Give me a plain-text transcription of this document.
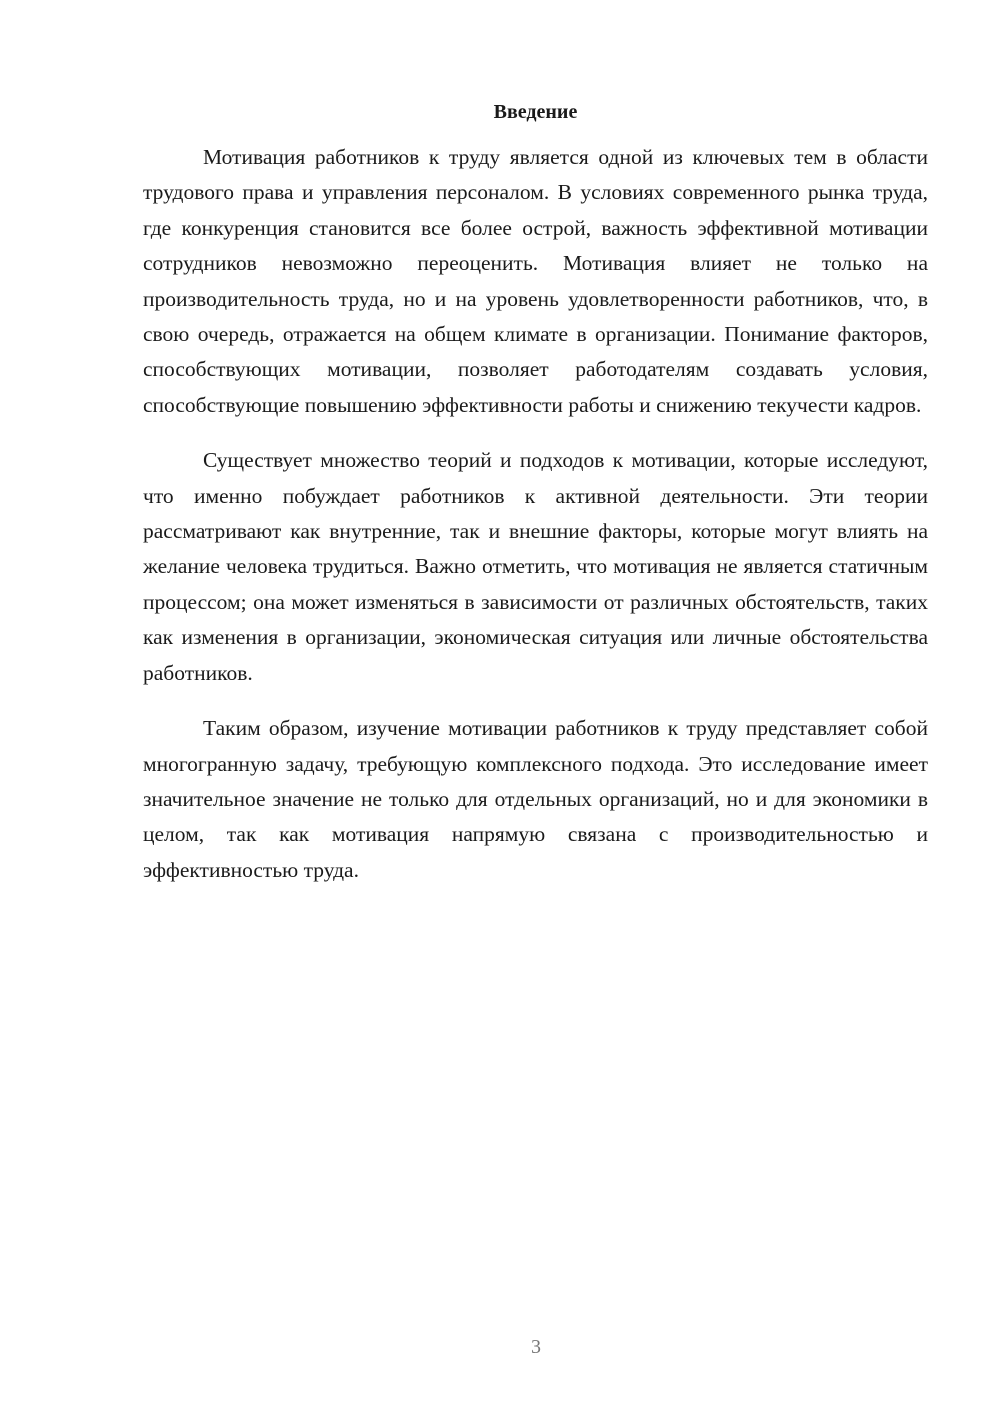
Введение

Мотивация работников к труду является одной из ключевых тем в области трудового права и управления персоналом. В условиях современного рынка труда, где конкуренция становится все более острой, важность эффективной мотивации сотрудников невозможно переоценить. Мотивация влияет не только на производительность труда, но и на уровень удовлетворенности работников, что, в свою очередь, отражается на общем климате в организации. Понимание факторов, способствующих мотивации, позволяет работодателям создавать условия, способствующие повышению эффективности работы и снижению текучести кадров.

Существует множество теорий и подходов к мотивации, которые исследуют, что именно побуждает работников к активной деятельности. Эти теории рассматривают как внутренние, так и внешние факторы, которые могут влиять на желание человека трудиться. Важно отметить, что мотивация не является статичным процессом; она может изменяться в зависимости от различных обстоятельств, таких как изменения в организации, экономическая ситуация или личные обстоятельства работников.

Таким образом, изучение мотивации работников к труду представляет собой многогранную задачу, требующую комплексного подхода. Это исследование имеет значительное значение не только для отдельных организаций, но и для экономики в целом, так как мотивация напрямую связана с производительностью и эффективностью труда.

3
